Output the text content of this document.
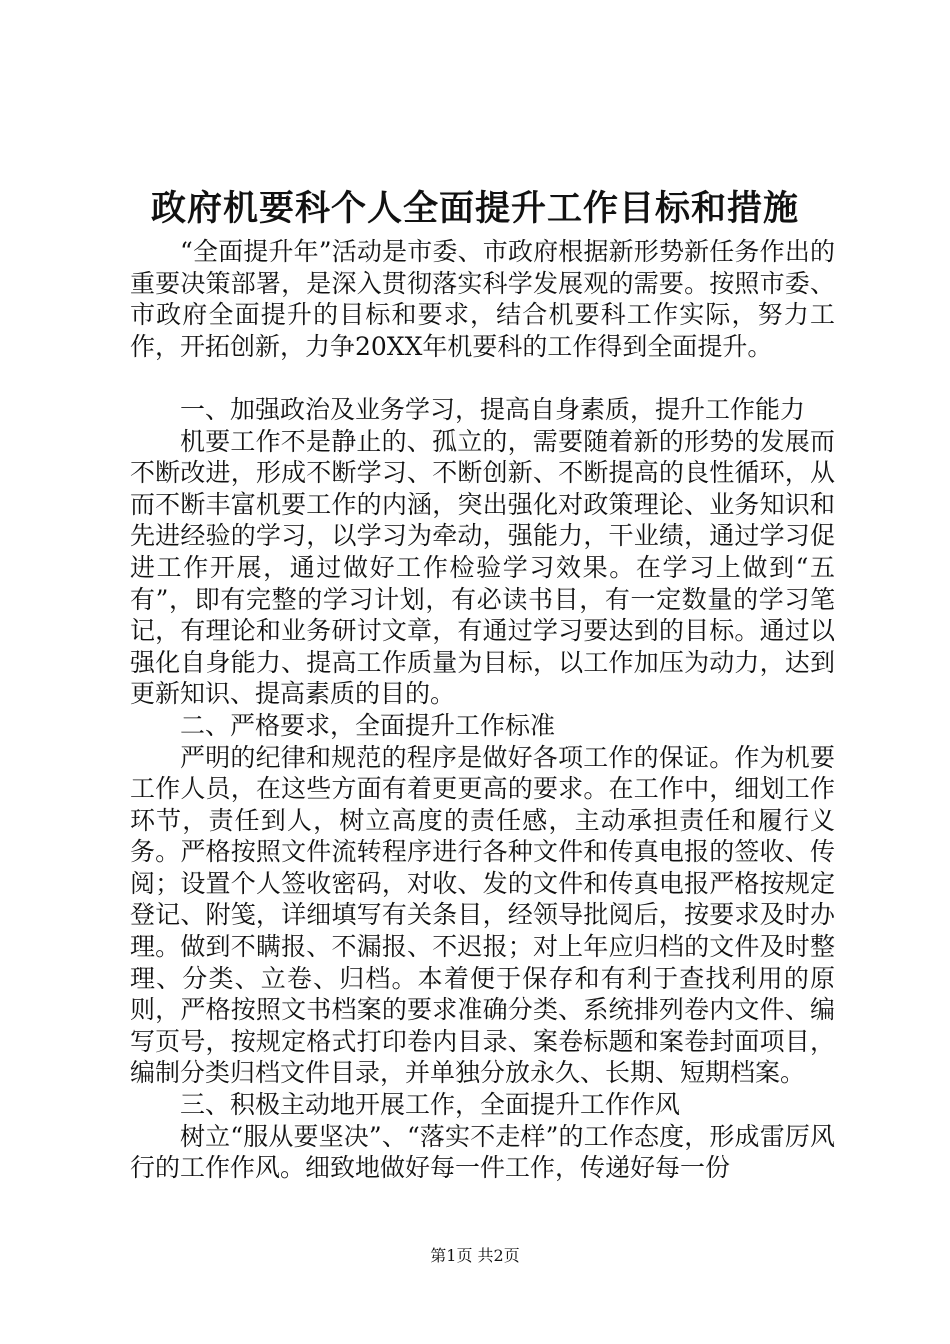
政府机要科个人全面提升工作目标和措施

“全面提升年”活动是市委、市政府根据新形势新任务作出的重要决策部署，是深入贯彻落实科学发展观的需要。按照市委、市政府全面提升的目标和要求，结合机要科工作实际，努力工作，开拓创新，力争20XX年机要科的工作得到全面提升。

一、加强政治及业务学习，提高自身素质，提升工作能力

机要工作不是静止的、孤立的，需要随着新的形势的发展而不断改进，形成不断学习、不断创新、不断提高的良性循环，从而不断丰富机要工作的内涵，突出强化对政策理论、业务知识和先进经验的学习，以学习为牵动，强能力，干业绩，通过学习促进工作开展，通过做好工作检验学习效果。在学习上做到“五有”，即有完整的学习计划，有必读书目，有一定数量的学习笔记，有理论和业务研讨文章，有通过学习要达到的目标。通过以强化自身能力、提高工作质量为目标，以工作加压为动力，达到更新知识、提高素质的目的。

二、严格要求，全面提升工作标准

严明的纪律和规范的程序是做好各项工作的保证。作为机要工作人员，在这些方面有着更更高的要求。在工作中，细划工作环节，责任到人，树立高度的责任感，主动承担责任和履行义务。严格按照文件流转程序进行各种文件和传真电报的签收、传阅；设置个人签收密码，对收、发的文件和传真电报严格按规定登记、附笺，详细填写有关条目，经领导批阅后，按要求及时办理。做到不瞒报、不漏报、不迟报；对上年应归档的文件及时整理、分类、立卷、归档。本着便于保存和有利于查找利用的原则，严格按照文书档案的要求准确分类、系统排列卷内文件、编写页号，按规定格式打印卷内目录、案卷标题和案卷封面项目，编制分类归档文件目录，并单独分放永久、长期、短期档案。

三、积极主动地开展工作，全面提升工作作风

树立“服从要坚决”、“落实不走样”的工作态度，形成雷厉风行的工作作风。细致地做好每一件工作，传递好每一份

第1页 共2页
